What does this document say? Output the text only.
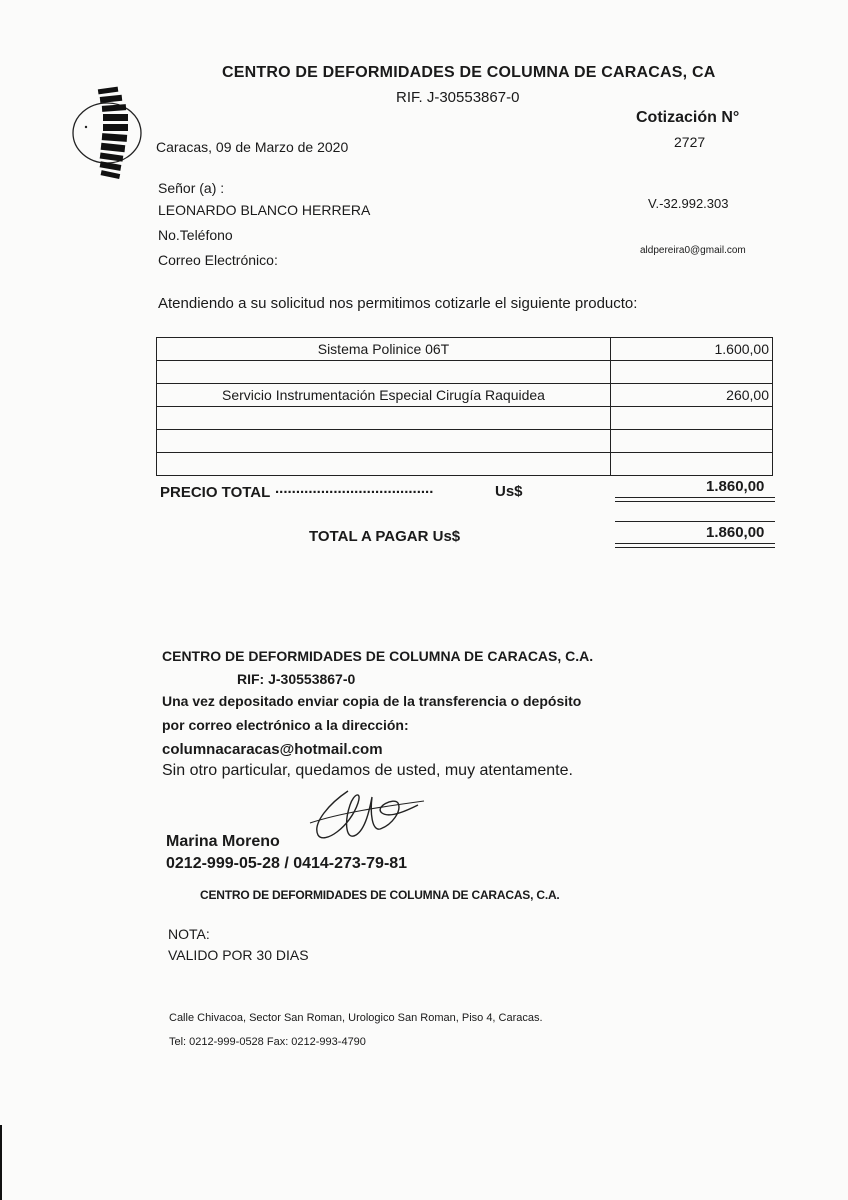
CENTRO DE DEFORMIDADES DE COLUMNA DE CARACAS, CA
RIF. J-30553867-0
Cotización N°
2727
Caracas, 09 de Marzo de 2020
Señor (a) :
LEONARDO BLANCO HERRERA	V.-32.992.303
No.Teléfono
Correo Electrónico:
aldpereira0@gmail.com
Atendiendo a su solicitud nos permitimos cotizarle el siguiente producto:
Sistema Polinice 06T	1.600,00

Servicio Instrumentación Especial Cirugía Raquidea	260,00

PRECIO TOTAL ......................................	Us$	1.860,00
TOTAL A PAGAR Us$	1.860,00
CENTRO DE DEFORMIDADES DE COLUMNA DE CARACAS, C.A.
RIF: J-30553867-0
Una vez depositado enviar copia de la transferencia o depósito
por correo electrónico a la dirección:
columnacaracas@hotmail.com
Sin otro particular, quedamos de usted, muy atentamente.
Marina Moreno
0212-999-05-28 / 0414-273-79-81
CENTRO DE DEFORMIDADES DE COLUMNA DE CARACAS, C.A.
NOTA:
VALIDO POR 30 DIAS
Calle Chivacoa, Sector San Roman, Urologico San Roman, Piso 4, Caracas.
Tel: 0212-999-0528 Fax: 0212-993-4790
